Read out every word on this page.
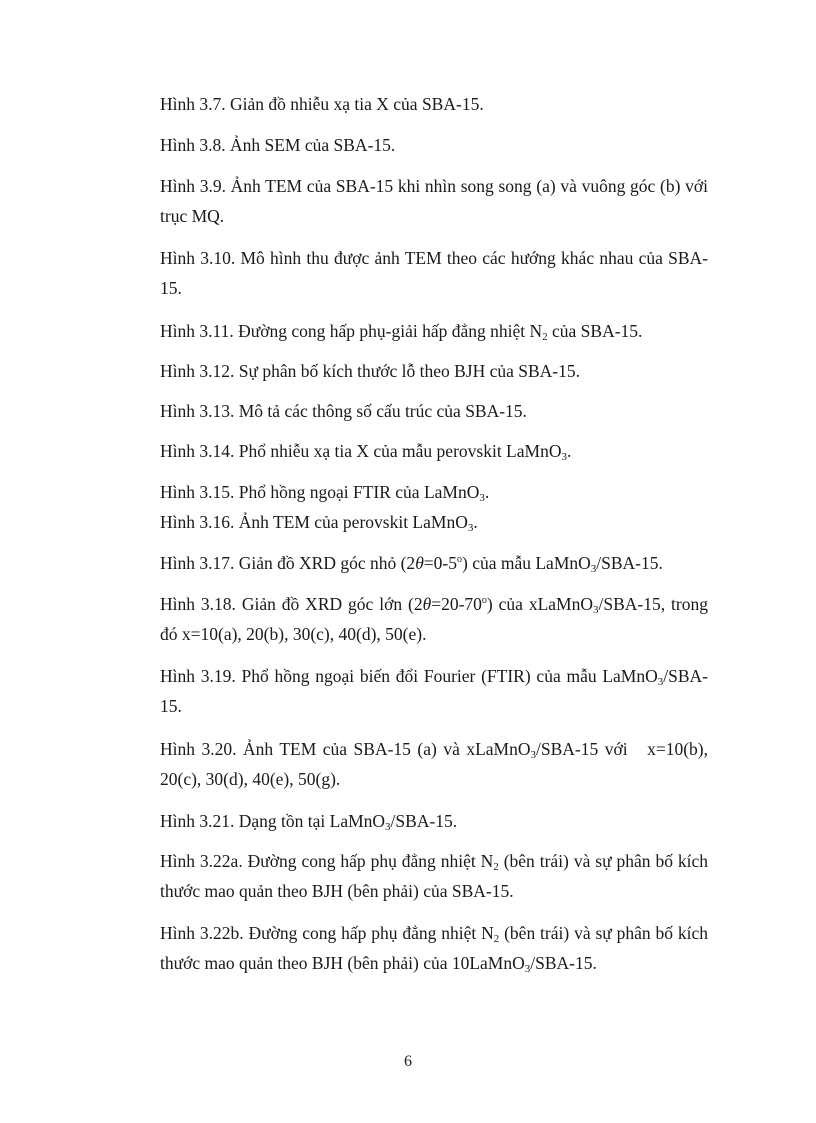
Hình 3.7. Giản đồ nhiễu xạ tia X của SBA-15.
Hình 3.8. Ảnh SEM của SBA-15.
Hình 3.9. Ảnh TEM của SBA-15 khi nhìn song song (a) và vuông góc (b) với
trục MQ.
Hình 3.10. Mô hình thu được ảnh TEM theo các hướng khác nhau của SBA-
15.
Hình 3.11. Đường cong hấp phụ-giải hấp đẳng nhiệt $N_2$ của SBA-15.
Hình 3.12. Sự phân bố kích thước lỗ theo BJH của SBA-15.
Hình 3.13. Mô tả các thông số cấu trúc của SBA-15.
Hình 3.14. Phổ nhiễu xạ tia X của mẫu perovskit LaMnO$_3$.
Hình 3.15. Phổ hồng ngoại FTIR của LaMnO$_3$.
Hình 3.16. Ảnh TEM của perovskit LaMnO$_3$.
Hình 3.17. Giản đồ XRD góc nhỏ $(2\theta=0-5^o)$ của mẫu LaMnO$_3$/SBA-15.
Hình 3.18. Giản đồ XRD góc lớn $(2\theta=20-70^o)$ của xLaMnO$_3$/SBA-15, trong
đó x=10(a), 20(b), 30(c), 40(d), 50(e).
Hình 3.19. Phổ hồng ngoại biến đổi Fourier (FTIR) của mẫu LaMnO$_3$/SBA-
15.
Hình 3.20. Ảnh TEM của SBA-15 (a) và xLaMnO$_3$/SBA-15 với   x=10(b),
20(c), 30(d), 40(e), 50(g).
Hình 3.21. Dạng tồn tại LaMnO$_3$/SBA-15.
Hình 3.22a. Đường cong hấp phụ đẳng nhiệt $N_2$ (bên trái) và sự phân bố kích
thước mao quản theo BJH (bên phải) của SBA-15.
Hình 3.22b. Đường cong hấp phụ đẳng nhiệt $N_2$ (bên trái) và sự phân bố kích
thước mao quản theo BJH (bên phải) của 10LaMnO$_3$/SBA-15.
6
